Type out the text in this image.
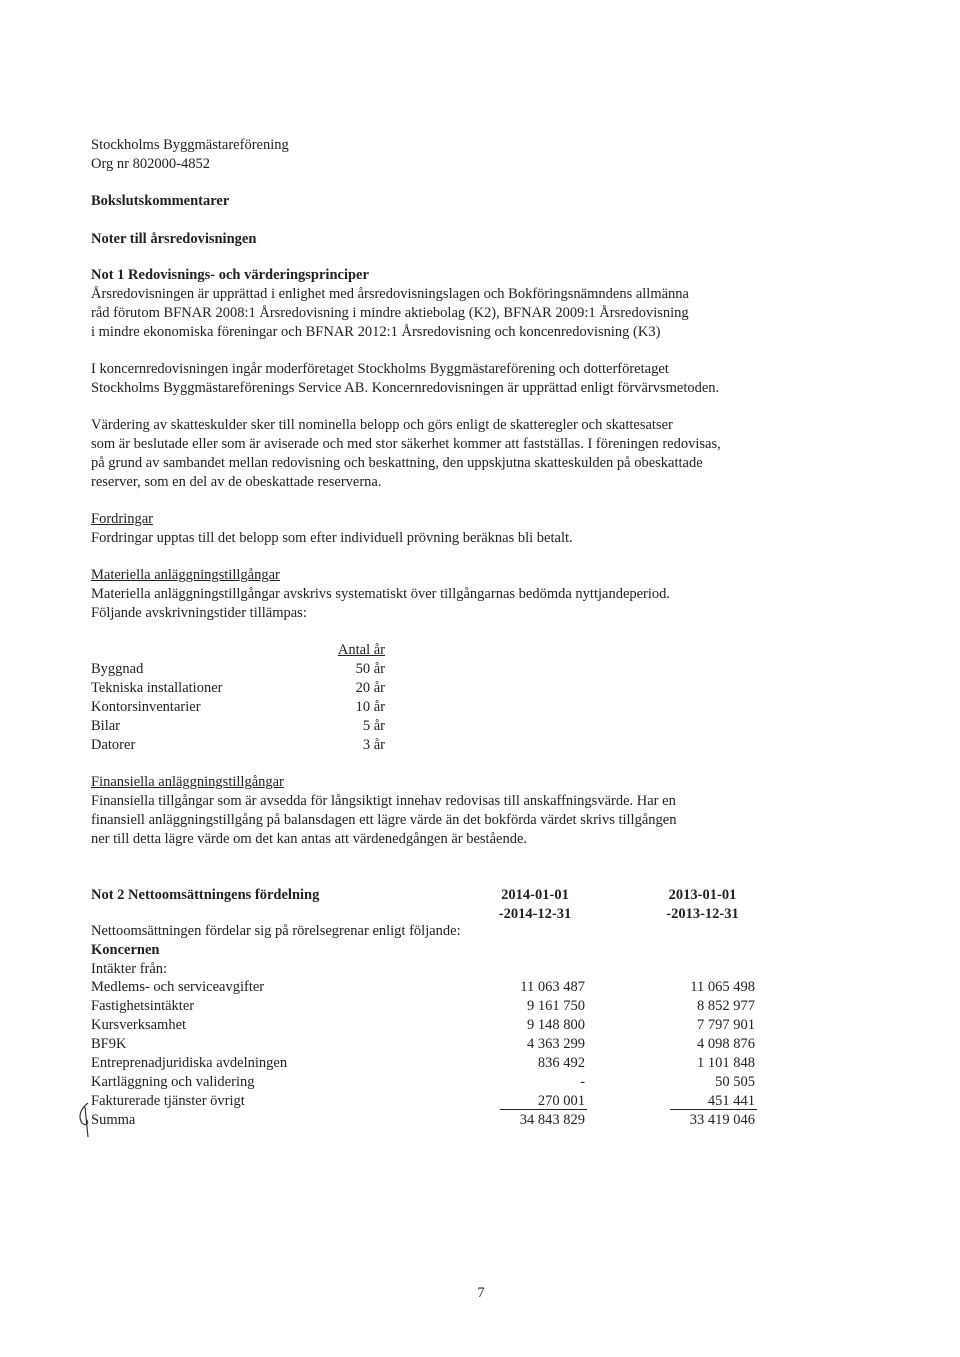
Stockholms Byggmästareförening
Org nr 802000-4852
Bokslutskommentarer
Noter till årsredovisningen
Not 1 Redovisnings- och värderingsprinciper
Årsredovisningen är upprättad i enlighet med årsredovisningslagen och Bokföringsnämndens allmänna
råd förutom BFNAR 2008:1 Årsredovisning i mindre aktiebolag (K2), BFNAR 2009:1 Årsredovisning
i mindre ekonomiska föreningar och BFNAR 2012:1 Årsredovisning och koncenredovisning (K3)
I koncernredovisningen ingår moderföretaget Stockholms Byggmästareförening och dotterföretaget
Stockholms Byggmästareförenings Service AB. Koncernredovisningen är upprättad enligt förvärvsmetoden.
Värdering av skatteskulder sker till nominella belopp och görs enligt de skatteregler och skattesatser
som är beslutade eller som är aviserade och med stor säkerhet kommer att fastställas. I föreningen redovisas,
på grund av sambandet mellan redovisning och beskattning, den uppskjutna skatteskulden på obeskattade
reserver, som en del av de obeskattade reserverna.
Fordringar
Fordringar upptas till det belopp som efter individuell prövning beräknas bli betalt.
Materiella anläggningstillgångar
Materiella anläggningstillgångar avskrivs systematiskt över tillgångarnas bedömda nyttjandeperiod.
Följande avskrivningstider tillämpas:
Antal år
Byggnad	50 år
Tekniska installationer	20 år
Kontorsinventarier	10 år
Bilar	5 år
Datorer	3 år
Finansiella anläggningstillgångar
Finansiella tillgångar som är avsedda för långsiktigt innehav redovisas till anskaffningsvärde. Har en
finansiell anläggningstillgång på balansdagen ett lägre värde än det bokförda värdet skrivs tillgången
ner till detta lägre värde om det kan antas att värdenedgången är bestående.
Not 2 Nettoomsättningens fördelning	2014-01-01
-2014-12-31
2013-01-01
-2013-12-31
Nettoomsättningen fördelar sig på rörelsegrenar enligt följande:
Koncernen
Intäkter från:
Medlems- och serviceavgifter	11 063 487	11 065 498
Fastighetsintäkter	9 161 750	8 852 977
Kursverksamhet	9 148 800	7 797 901
BF9K	4 363 299	4 098 876
Entreprenadjuridiska avdelningen	836 492	1 101 848
Kartläggning och validering	-	50 505
Fakturerade tjänster övrigt	270 001	451 441
Summa	34 843 829	33 419 046
7
